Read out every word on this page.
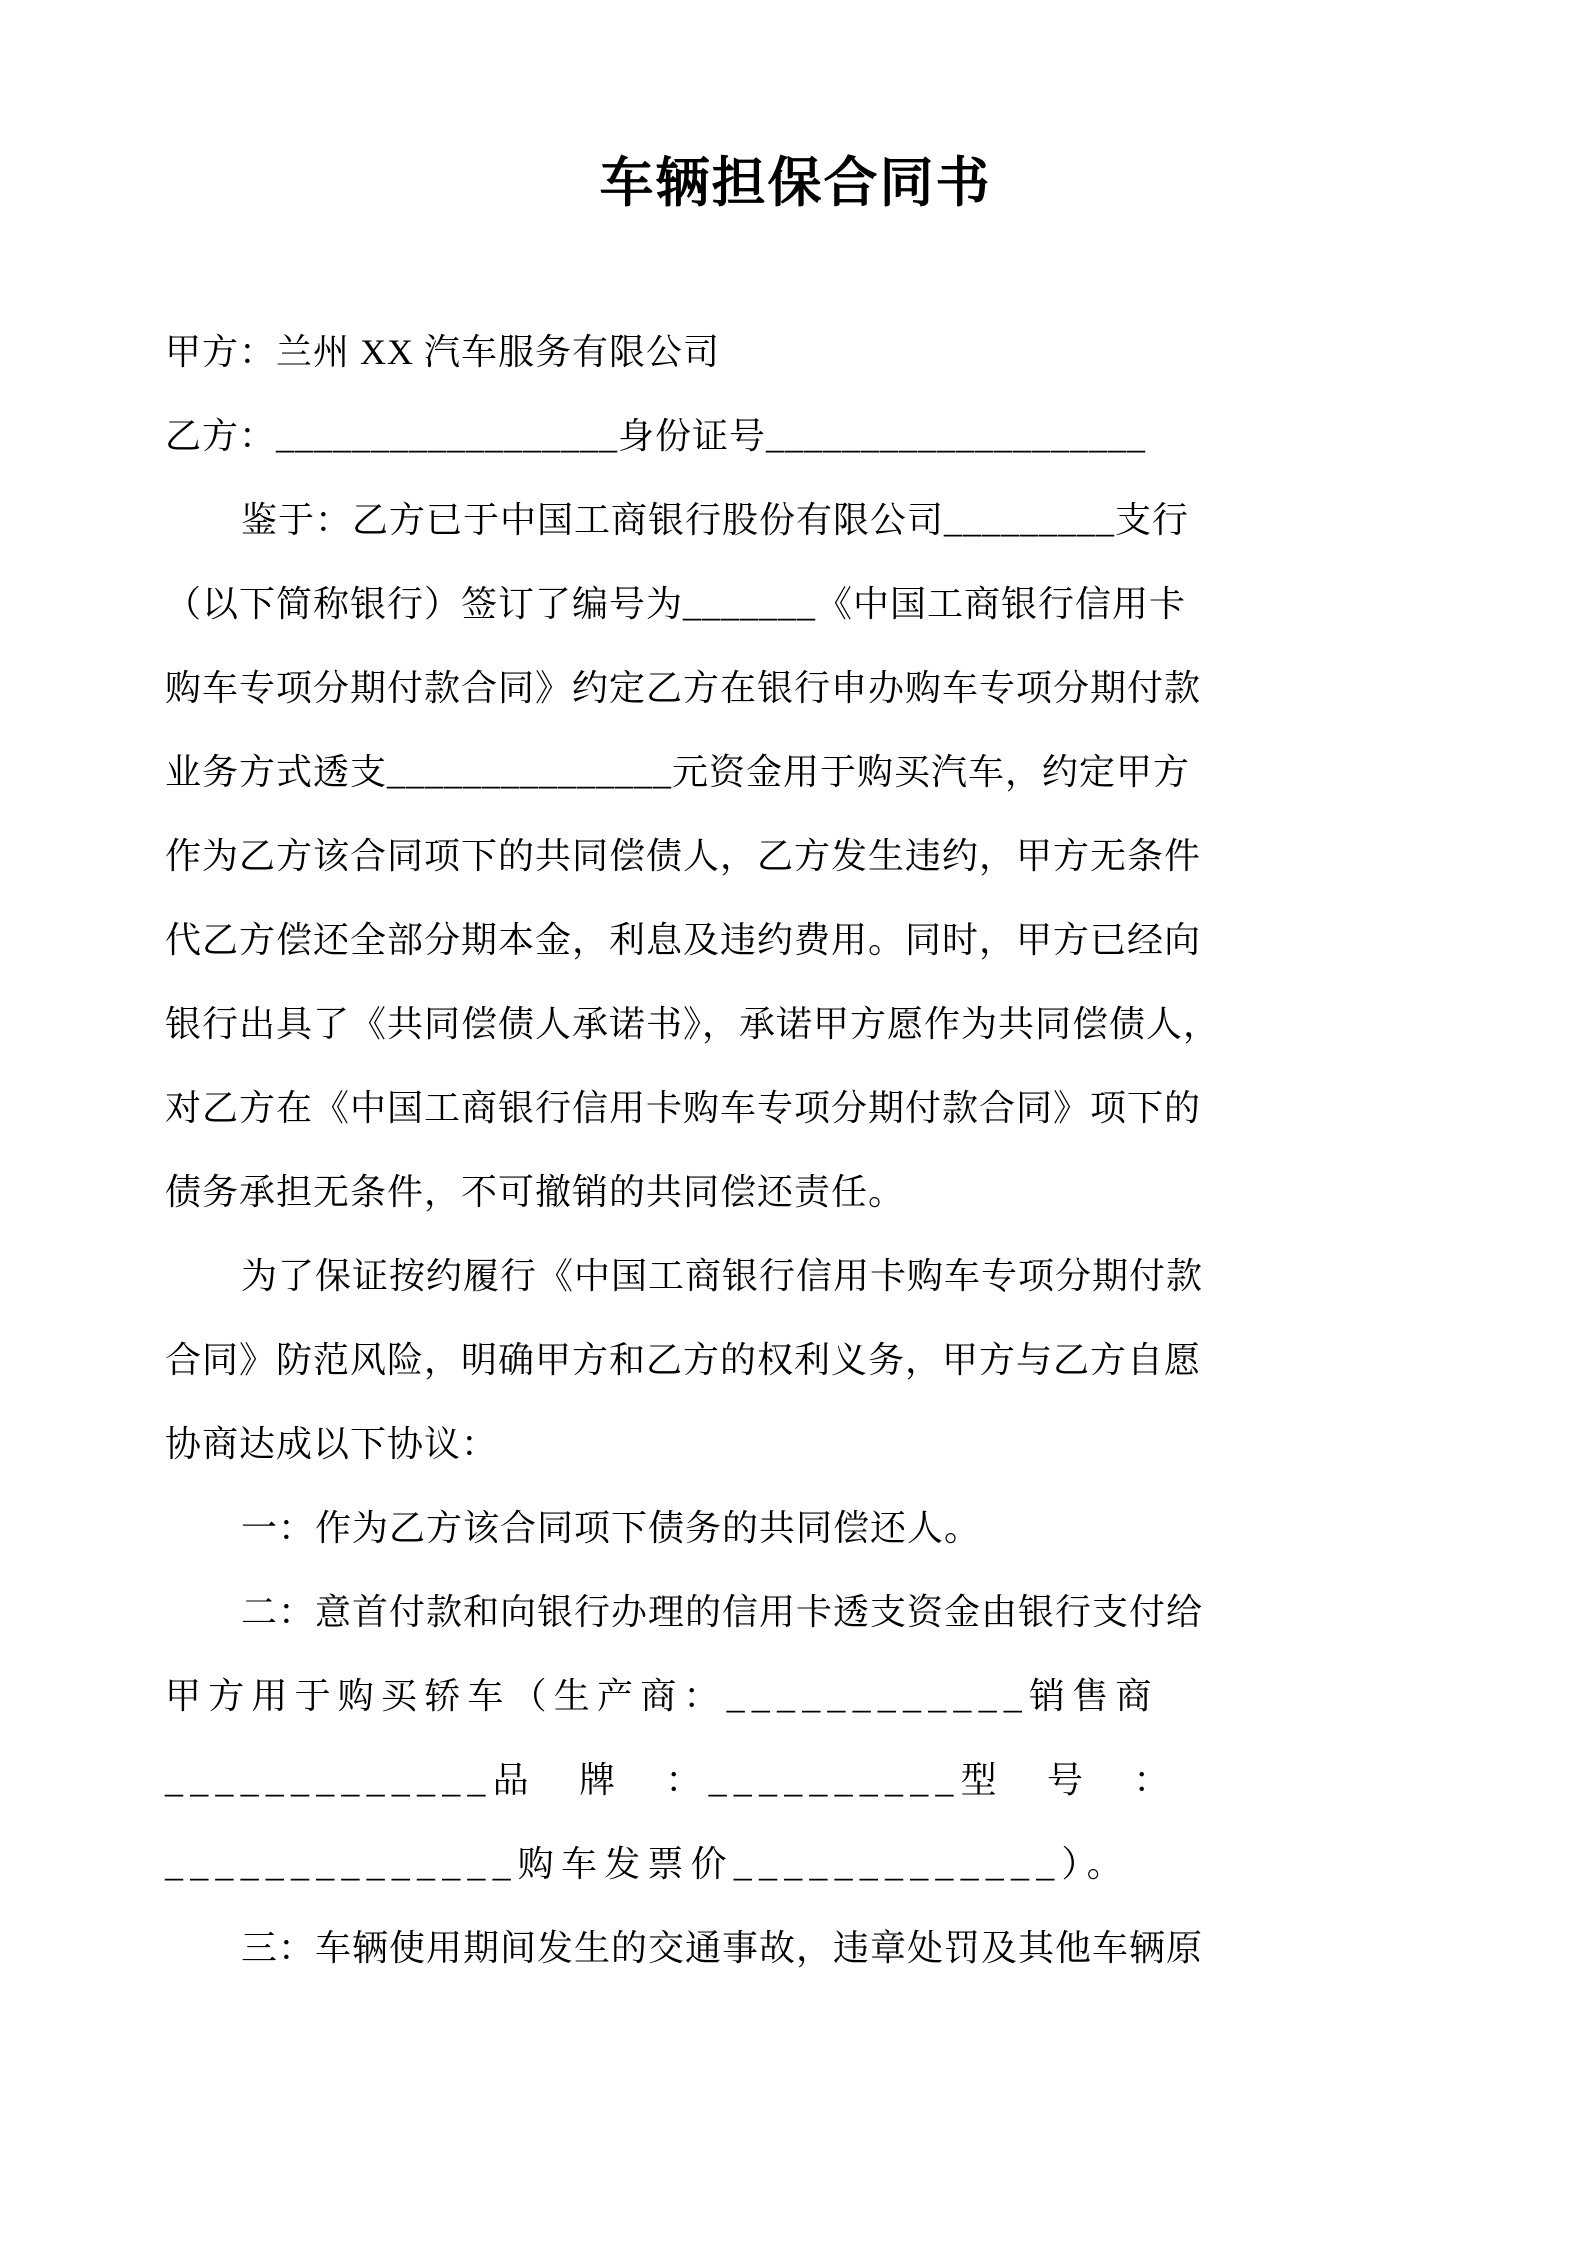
车辆担保合同书
甲方：兰州 XX 汽车服务有限公司
乙方：__________________身份证号____________________
鉴于：乙方已于中国工商银行股份有限公司_________支行
（以下简称银行）签订了编号为_______《中国工商银行信用卡
购车专项分期付款合同》约定乙方在银行申办购车专项分期付款
业务方式透支_______________元资金用于购买汽车，约定甲方
作为乙方该合同项下的共同偿债人，乙方发生违约，甲方无条件
代乙方偿还全部分期本金，利息及违约费用。同时，甲方已经向
银行出具了《共同偿债人承诺书》，承诺甲方愿作为共同偿债人，
对乙方在《中国工商银行信用卡购车专项分期付款合同》项下的
债务承担无条件，不可撤销的共同偿还责任。
为了保证按约履行《中国工商银行信用卡购车专项分期付款
合同》防范风险，明确甲方和乙方的权利义务，甲方与乙方自愿
协商达成以下协议：
一：作为乙方该合同项下债务的共同偿还人。
二：意首付款和向银行办理的信用卡透支资金由银行支付给
甲方用于购买轿车（生产商：____________销售商
_____________品　牌　：__________型　号　：
______________购车发票价_____________）。
三：车辆使用期间发生的交通事故，违章处罚及其他车辆原
